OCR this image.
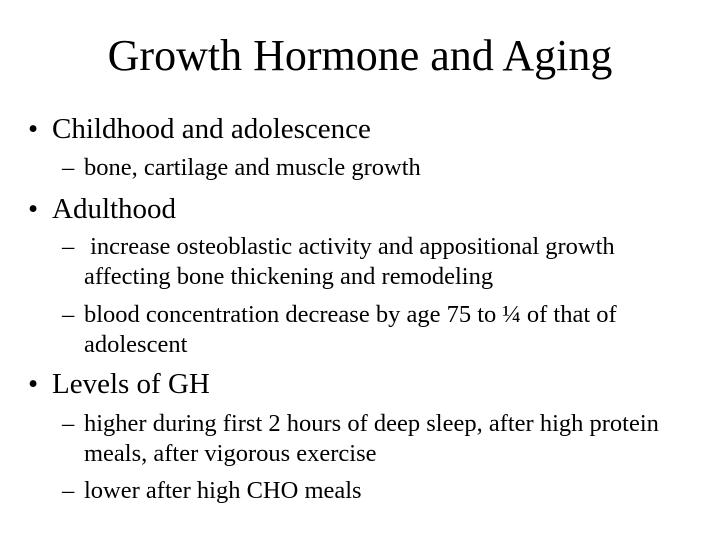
Growth Hormone and Aging
• Childhood and adolescence
– bone, cartilage and muscle growth
• Adulthood
– increase osteoblastic activity and appositional growth affecting bone thickening and remodeling
– blood concentration decrease by age 75 to ¼ of that of adolescent
• Levels of GH
– higher during first 2 hours of deep sleep, after high protein meals, after vigorous exercise
– lower after high CHO meals
